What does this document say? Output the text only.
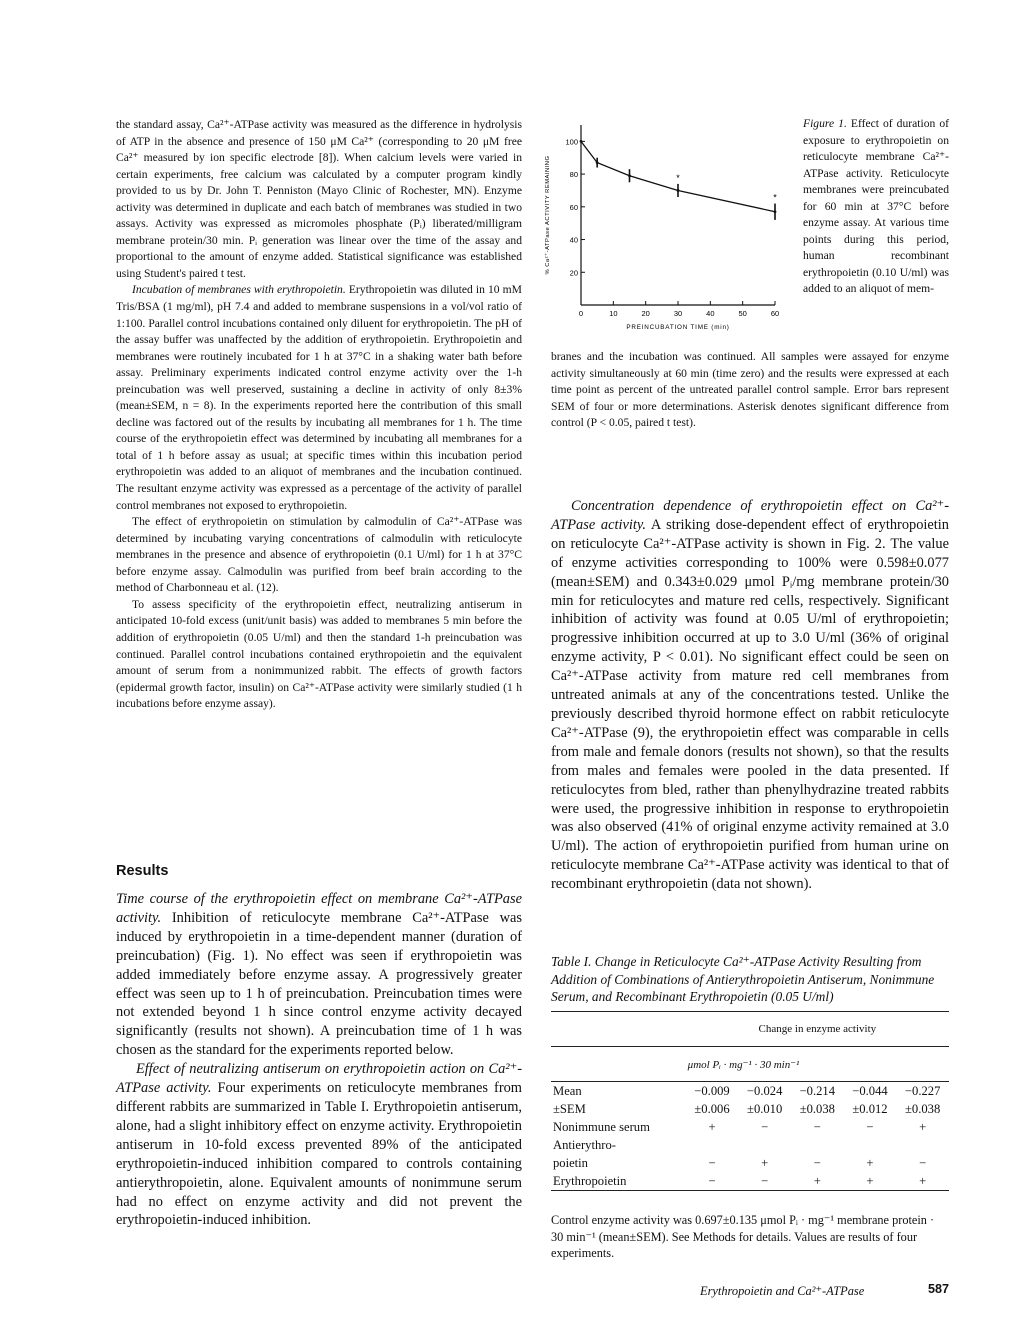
the standard assay, Ca²⁺-ATPase activity was measured as the difference in hydrolysis of ATP in the absence and presence of 150 μM Ca²⁺ (corresponding to 20 μM free Ca²⁺ measured by ion specific electrode [8]). When calcium levels were varied in certain experiments, free calcium was calculated by a computer program kindly provided to us by Dr. John T. Penniston (Mayo Clinic of Rochester, MN). Enzyme activity was determined in duplicate and each batch of membranes was studied in two assays. Activity was expressed as micromoles phosphate (Pᵢ) liberated/milligram membrane protein/30 min. Pᵢ generation was linear over the time of the assay and proportional to the amount of enzyme added. Statistical significance was established using Student's paired t test.

Incubation of membranes with erythropoietin. Erythropoietin was diluted in 10 mM Tris/BSA (1 mg/ml), pH 7.4 and added to membrane suspensions in a vol/vol ratio of 1:100. Parallel control incubations contained only diluent for erythropoietin. The pH of the assay buffer was unaffected by the addition of erythropoietin. Erythropoietin and membranes were routinely incubated for 1 h at 37°C in a shaking water bath before assay. Preliminary experiments indicated control enzyme activity over the 1-h preincubation was well preserved, sustaining a decline in activity of only 8±3% (mean±SEM, n = 8). In the experiments reported here the contribution of this small decline was factored out of the results by incubating all membranes for 1 h. The time course of the erythropoietin effect was determined by incubating all membranes for a total of 1 h before assay as usual; at specific times within this incubation period erythropoietin was added to an aliquot of membranes and the incubation continued. The resultant enzyme activity was expressed as a percentage of the activity of parallel control membranes not exposed to erythropoietin.

The effect of erythropoietin on stimulation by calmodulin of Ca²⁺-ATPase was determined by incubating varying concentrations of calmodulin with reticulocyte membranes in the presence and absence of erythropoietin (0.1 U/ml) for 1 h at 37°C before enzyme assay. Calmodulin was purified from beef brain according to the method of Charbonneau et al. (12).

To assess specificity of the erythropoietin effect, neutralizing antiserum in anticipated 10-fold excess (unit/unit basis) was added to membranes 5 min before the addition of erythropoietin (0.05 U/ml) and then the standard 1-h preincubation was continued. Parallel control incubations contained erythropoietin and the equivalent amount of serum from a nonimmunized rabbit. The effects of growth factors (epidermal growth factor, insulin) on Ca²⁺-ATPase activity were similarly studied (1 h incubations before enzyme assay).

Results

Time course of the erythropoietin effect on membrane Ca²⁺-ATPase activity. Inhibition of reticulocyte membrane Ca²⁺-ATPase was induced by erythropoietin in a time-dependent manner (duration of preincubation) (Fig. 1). No effect was seen if erythropoietin was added immediately before enzyme assay. A progressively greater effect was seen up to 1 h of preincubation. Preincubation times were not extended beyond 1 h since control enzyme activity decayed significantly (results not shown). A preincubation time of 1 h was chosen as the standard for the experiments reported below.

Effect of neutralizing antiserum on erythropoietin action on Ca²⁺-ATPase activity. Four experiments on reticulocyte membranes from different rabbits are summarized in Table I. Erythropoietin antiserum, alone, had a slight inhibitory effect on enzyme activity. Erythropoietin antiserum in 10-fold excess prevented 89% of the anticipated erythropoietin-induced inhibition compared to controls containing antierythropoietin, alone. Equivalent amounts of nonimmune serum had no effect on enzyme activity and did not prevent the erythropoietin-induced inhibition.

20
40
60
80
100
0	10	20	30	40	50	60
PREINCUBATION TIME (min)
% Ca²⁺-ATPase ACTIVITY REMAINING	*
*
Figure 1. Effect of duration of exposure to erythropoietin on reticulocyte membrane Ca²⁺-ATPase activity. Reticulocyte membranes were preincubated for 60 min at 37°C before enzyme assay. At various time points during this period, human recombinant erythropoietin (0.10 U/ml) was added to an aliquot of mem-
branes and the incubation was continued. All samples were assayed for enzyme activity simultaneously at 60 min (time zero) and the results were expressed at each time point as percent of the untreated parallel control sample. Error bars represent SEM of four or more determinations. Asterisk denotes significant difference from control (P < 0.05, paired t test).

Concentration dependence of erythropoietin effect on Ca²⁺-ATPase activity. A striking dose-dependent effect of erythropoietin on reticulocyte Ca²⁺-ATPase activity is shown in Fig. 2. The value of enzyme activities corresponding to 100% were 0.598±0.077 (mean±SEM) and 0.343±0.029 μmol Pᵢ/mg membrane protein/30 min for reticulocytes and mature red cells, respectively. Significant inhibition of activity was found at 0.05 U/ml of erythropoietin; progressive inhibition occurred at up to 3.0 U/ml (36% of original enzyme activity, P < 0.01). No significant effect could be seen on Ca²⁺-ATPase activity from mature red cell membranes from untreated animals at any of the concentrations tested. Unlike the previously described thyroid hormone effect on rabbit reticulocyte Ca²⁺-ATPase (9), the erythropoietin effect was comparable in cells from male and female donors (results not shown), so that the results from males and females were pooled in the data presented. If reticulocytes from bled, rather than phenylhydrazine treated rabbits were used, the progressive inhibition in response to erythropoietin was also observed (41% of original enzyme activity remained at 3.0 U/ml). The action of erythropoietin purified from human urine on reticulocyte membrane Ca²⁺-ATPase activity was identical to that of recombinant erythropoietin (data not shown).

Table I. Change in Reticulocyte Ca²⁺-ATPase Activity Resulting from Addition of Combinations of Antierythropoietin Antiserum, Nonimmune Serum, and Recombinant Erythropoietin (0.05 U/ml)
	Change in enzyme activity				
	μmol Pᵢ · mg⁻¹ · 30 min⁻¹				
Mean	−0.009	−0.024	−0.214	−0.044	−0.227
±SEM	±0.006	±0.010	±0.038	±0.012	±0.038
Nonimmune serum	+	−	−	−	+
Antierythro-					
poietin	−	+	−	+	−
Erythropoietin	−	−	+	+	+
Control enzyme activity was 0.697±0.135 μmol Pᵢ · mg⁻¹ membrane protein · 30 min⁻¹ (mean±SEM). See Methods for details. Values are results of four experiments.
Erythropoietin and Ca²⁺-ATPase	587
